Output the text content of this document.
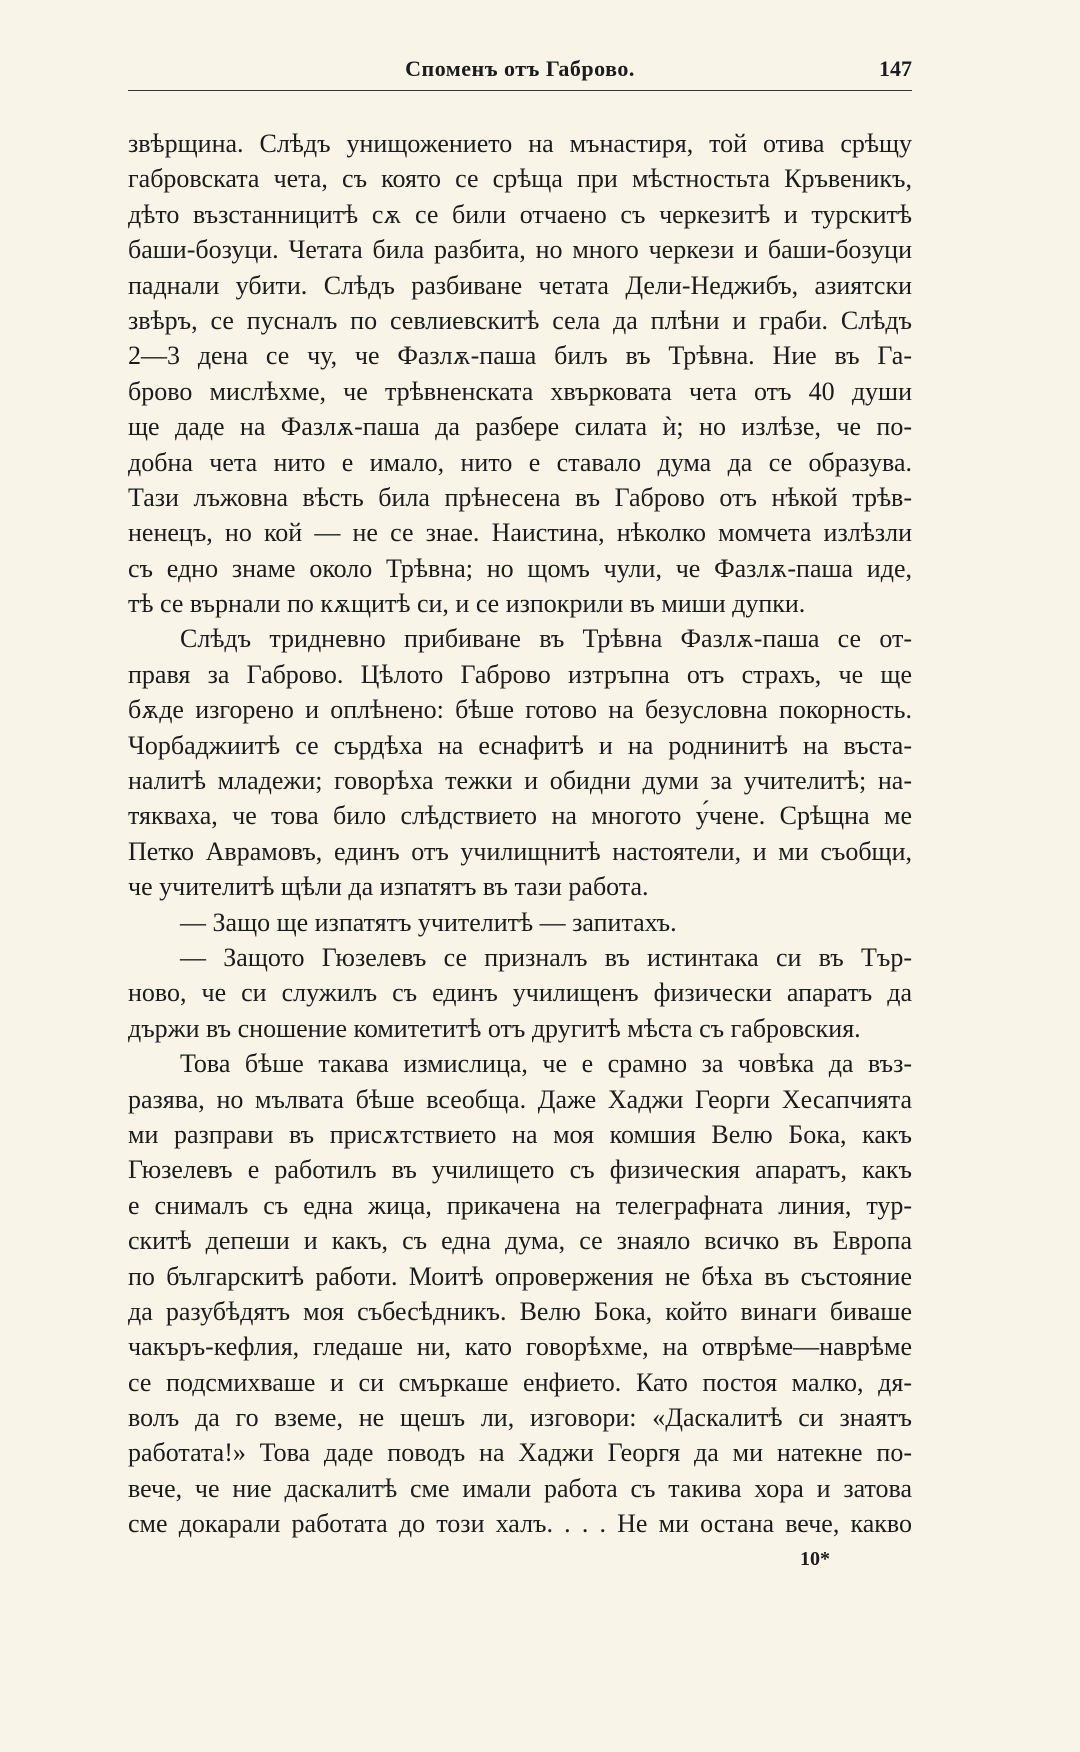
Споменъ отъ Габрово.	147
звѣрщина. Слѣдъ унищожението на мънастиря, той отива срѣщу
габровската чета, съ която се срѣща при мѣстностьта Кръвеникъ,
дѣто възстанницитѣ сѫ се били отчаено съ черкезитѣ и турскитѣ
баши-бозуци. Четата била разбита, но много черкези и баши-бозуци
паднали убити. Слѣдъ разбиване четата Дели-Неджибъ, азиятски
звѣръ, се пусналъ по севлиевскитѣ села да плѣни и граби. Слѣдъ
2—3 дена се чу, че Фазлѫ-паша билъ въ Трѣвна. Ние въ Га-
брово мислѣхме, че трѣвненската хвърковата чета отъ 40 души
ще даде на Фазлѫ-паша да разбере силата ѝ; но излѣзе, че по-
добна чета нито е имало, нито е ставало дума да се образува.
Тази лъжовна вѣсть била прѣнесена въ Габрово отъ нѣкой трѣв-
ненецъ, но кой — не се знае. Наистина, нѣколко момчета излѣзли
съ едно знаме около Трѣвна; но щомъ чули, че Фазлѫ-паша иде,
тѣ се върнали по кѫщитѣ си, и се изпокрили въ миши дупки.
Слѣдъ тридневно прибиване въ Трѣвна Фазлѫ-паша се от-
правя за Габрово. Цѣлото Габрово изтръпна отъ страхъ, че ще
бѫде изгорено и оплѣнено: бѣше готово на безусловна покорность.
Чорбаджиитѣ се сърдѣха на еснафитѣ и на роднинитѣ на въста-
налитѣ младежи; говорѣха тежки и обидни думи за учителитѣ; на-
тякваха, че това било слѣдствието на многото у́чене. Срѣщна ме
Петко Аврамовъ, единъ отъ училищнитѣ настоятели, и ми съобщи,
че учителитѣ щѣли да изпатятъ въ тази работа.
— Защо ще изпатятъ учителитѣ — запитахъ.
— Защото Гюзелевъ се призналъ въ истинтака си въ Тър-
ново, че си служилъ съ единъ училищенъ физически апаратъ да
държи въ сношение комитетитѣ отъ другитѣ мѣста съ габровския.
Това бѣше такава измислица, че е срамно за човѣка да въз-
разява, но мълвата бѣше всеобща. Даже Хаджи Георги Хесапчията
ми разправи въ присѫтствието на моя комшия Велю Бока, какъ
Гюзелевъ е работилъ въ училището съ физическия апаратъ, какъ
е снималъ съ една жица, прикачена на телеграфната линия, тур-
скитѣ депеши и какъ, съ една дума, се знаяло всичко въ Европа
по българскитѣ работи. Моитѣ опровержения не бѣха въ състояние
да разубѣдятъ моя събесѣдникъ. Велю Бока, който винаги биваше
чакъръ-кефлия, гледаше ни, като говорѣхме, на отврѣме—наврѣме
се подсмихваше и си смъркаше енфието. Като постоя малко, дя-
волъ да го вземе, не щешъ ли, изговори: «Даскалитѣ си знаятъ
работата!» Това даде поводъ на Хаджи Георгя да ми натекне по-
вече, че ние даскалитѣ сме имали работа съ такива хора и затова
сме докарали работата до този халъ. . . . Не ми остана вече, какво
10*
